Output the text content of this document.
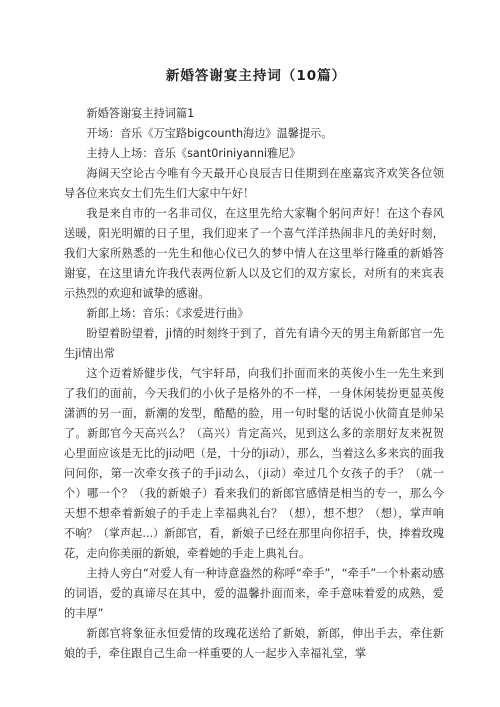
新婚答谢宴主持词（10篇）

新婚答谢宴主持词篇1

开场：音乐《万宝路bigcounth海边》温馨提示。

主持人上场：音乐《sant0riniyanni雅尼》

海阔天空论古今唯有今天最开心良辰吉日佳期到在座嘉宾齐欢笑各位领导各位来宾女士们先生们大家中午好！

我是来自市的一名非司仪，在这里先给大家鞠个躬问声好！在这个春风送暖，阳光明媚的日子里，我们迎来了一个喜气洋洋热闹非凡的美好时刻，我们大家所熟悉的一先生和他心仪已久的梦中情人在这里举行隆重的新婚答谢宴，在这里请允许我代表两位新人以及它们的双方家长，对所有的来宾表示热烈的欢迎和诚挚的感谢。

新郎上场：音乐：《求爱进行曲》

盼望着盼望着，ji情的时刻终于到了，首先有请今天的男主角新郎官一先生ji情出常

这个迈着矫健步伐，气宇轩昂，向我们扑面而来的英俊小生一先生来到了我们的面前，今天我们的小伙子是格外的不一样，一身休闲装扮更显英俊潇洒的另一面，新潮的发型，酷酷的脸，用一句时髦的话说小伙简直是帅呆了。新郎官今天高兴么？（高兴）肯定高兴，见到这么多的亲朋好友来祝贺心里面应该是无比的ji动吧（是，十分的ji动），那么，当着这么多来宾的面我问问你，第一次牵女孩子的手ji动么，（ji动）牵过几个女孩子的手？（就一个）哪一个？（我的新娘子）看来我们的新郎官感情是相当的专一，那么今天想不想牵着新娘子的手走上幸福典礼台？（想），想不想？（想），掌声响不响？（掌声起...）新郎官，看，新娘子已经在那里向你招手，快，捧着玫瑰花，走向你美丽的新娘，牵着她的手走上典礼台。

主持人旁白“对爱人有一种诗意盎然的称呼“牵手”，“牵手”一个朴素动感的词语，爱的真谛尽在其中，爱的温馨扑面而来，牵手意味着爱的成熟，爱的丰厚”

新郎官将象征永恒爱情的玫瑰花送给了新娘，新郎，伸出手去，牵住新娘的手，牵住跟自己生命一样重要的人一起步入幸福礼堂，掌
